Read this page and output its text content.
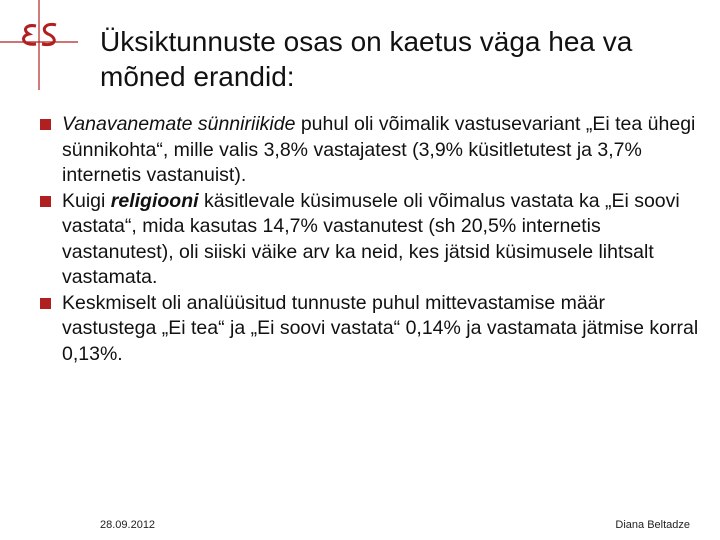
Üksiktunnuste osas on kaetus väga hea va mõned erandid:
Vanavanemate sünniriikide puhul oli võimalik vastusevariant „Ei tea ühegi sünnikohta“, mille valis 3,8% vastajatest (3,9% küsitletutest ja 3,7% internetis vastanuist).
Kuigi religiooni käsitlevale küsimusele oli võimalus vastata ka „Ei soovi vastata“, mida kasutas 14,7% vastanutest (sh 20,5% internetis vastanutest), oli siiski väike arv ka neid, kes jätsid küsimusele lihtsalt vastamata.
Keskmiselt oli analüüsitud tunnuste puhul mittevastamise määr vastustega „Ei tea“ ja „Ei soovi vastata“ 0,14% ja vastamata jätmise korral 0,13%.
28.09.2012	Diana Beltadze
